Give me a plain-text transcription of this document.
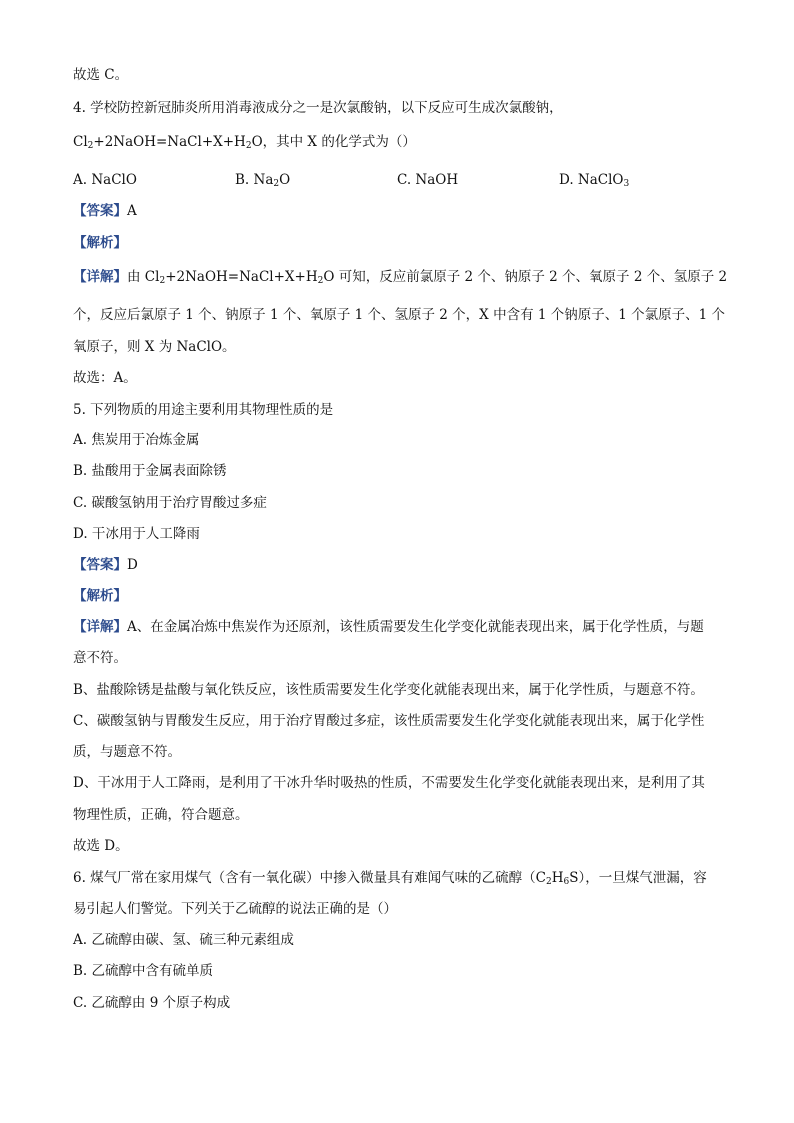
故选 C。
4. 学校防控新冠肺炎所用消毒液成分之一是次氯酸钠，以下反应可生成次氯酸钠，
$Cl_2+2NaOH=NaCl+X+H_2O$，其中 X 的化学式为（）
A. NaClO	B. $Na_2O$	C. NaOH	D. NaClO$_3$
【答案】A
【解析】
【详解】由 $Cl_2+2NaOH=NaCl+X+H_2O$ 可知，反应前氯原子 2 个、钠原子 2 个、氧原子 2 个、氢原子 2
个，反应后氯原子 1 个、钠原子 1 个、氧原子 1 个、氢原子 2 个，X 中含有 1 个钠原子、1 个氯原子、1 个
氧原子，则 X 为 NaClO。
故选：A。
5. 下列物质的用途主要利用其物理性质的是
A. 焦炭用于冶炼金属
B. 盐酸用于金属表面除锈
C. 碳酸氢钠用于治疗胃酸过多症
D. 干冰用于人工降雨
【答案】D
【解析】
【详解】A、在金属冶炼中焦炭作为还原剂，该性质需要发生化学变化就能表现出来，属于化学性质，与题
意不符。
B、盐酸除锈是盐酸与氧化铁反应，该性质需要发生化学变化就能表现出来，属于化学性质，与题意不符。
C、碳酸氢钠与胃酸发生反应，用于治疗胃酸过多症，该性质需要发生化学变化就能表现出来，属于化学性
质，与题意不符。
D、干冰用于人工降雨，是利用了干冰升华时吸热的性质，不需要发生化学变化就能表现出来，是利用了其
物理性质，正确，符合题意。
故选 D。
6. 煤气厂常在家用煤气（含有一氧化碳）中掺入微量具有难闻气味的乙硫醇$(C_2H_6S)$，一旦煤气泄漏，容
易引起人们警觉。下列关于乙硫醇的说法正确的是（）
A. 乙硫醇由碳、氢、硫三种元素组成
B. 乙硫醇中含有硫单质
C. 乙硫醇由 9 个原子构成
